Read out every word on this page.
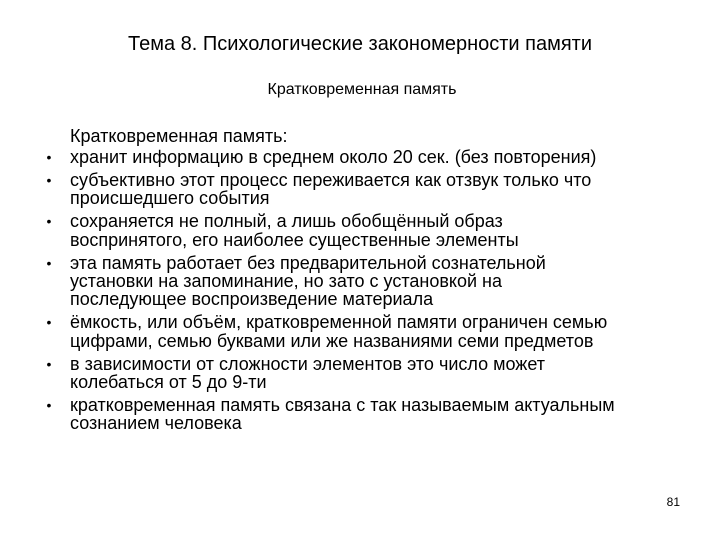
Тема 8. Психологические закономерности памяти
Кратковременная память
Кратковременная память:
• хранит информацию в среднем около 20 сек. (без повторения)
• субъективно этот процесс переживается как отзвук только что
происшедшего события
• сохраняется не полный, а лишь обобщённый образ
воспринятого, его наиболее существенные элементы
• эта память работает без предварительной сознательной
установки на запоминание, но зато с установкой на
последующее воспроизведение материала
• ёмкость, или объём, кратковременной памяти ограничен семью
цифрами, семью буквами или же названиями семи предметов
• в зависимости от сложности элементов это число может
колебаться от 5 до 9-ти
• кратковременная память связана с так называемым актуальным
сознанием человека
81
